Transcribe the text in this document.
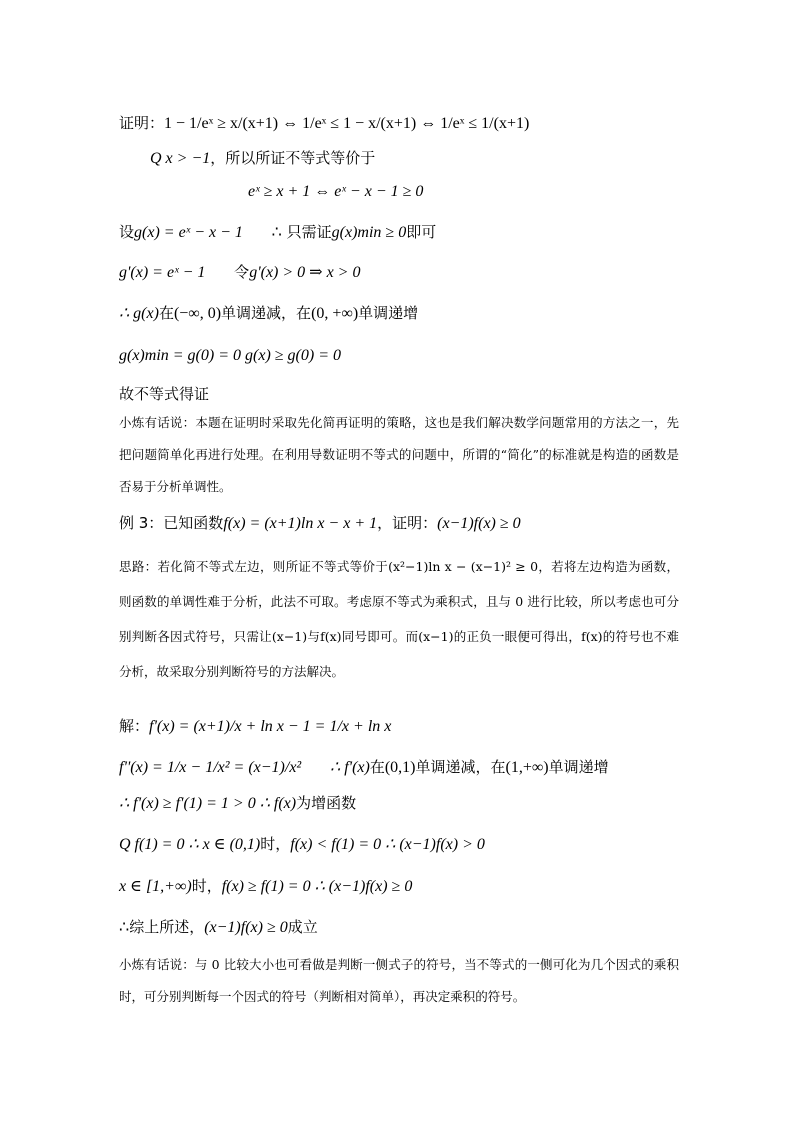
证明：1 − 1/eˣ ≥ x/(x+1) ⇔ 1/eˣ ≤ 1 − x/(x+1) ⇔ 1/eˣ ≤ 1/(x+1)
Q x > −1，所以所证不等式等价于
eˣ ≥ x + 1 ⇔ eˣ − x − 1 ≥ 0
设g(x) = eˣ − x − 1 ∴ 只需证g(x)min ≥ 0即可
g'(x) = eˣ − 1 令g'(x) > 0 ⇒ x > 0
∴ g(x)在(−∞, 0)单调递减，在(0, +∞)单调递增
g(x)min = g(0) = 0 g(x) ≥ g(0) = 0
故不等式得证
小炼有话说：本题在证明时采取先化简再证明的策略，这也是我们解决数学问题常用的方法之一，先把问题简单化再进行处理。在利用导数证明不等式的问题中，所谓的“简化”的标准就是构造的函数是否易于分析单调性。
例 3：已知函数f(x) = (x+1)ln x − x + 1，证明：(x−1)f(x) ≥ 0
思路：若化简不等式左边，则所证不等式等价于(x²−1)ln x − (x−1)² ≥ 0，若将左边构造为函数，则函数的单调性难于分析，此法不可取。考虑原不等式为乘积式，且与 0 进行比较，所以考虑也可分别判断各因式符号，只需让(x−1)与f(x)同号即可。而(x−1)的正负一眼便可得出，f(x)的符号也不难分析，故采取分别判断符号的方法解决。
解：f'(x) = (x+1)/x + ln x − 1 = 1/x + ln x
f''(x) = 1/x − 1/x² = (x−1)/x² ∴ f'(x)在(0,1)单调递减，在(1,+∞)单调递增
∴ f'(x) ≥ f'(1) = 1 > 0 ∴ f(x)为增函数
Q f(1) = 0 ∴ x ∈ (0,1)时，f(x) < f(1) = 0 ∴ (x−1)f(x) > 0
x ∈ [1,+∞)时，f(x) ≥ f(1) = 0 ∴ (x−1)f(x) ≥ 0
∴综上所述，(x−1)f(x) ≥ 0成立
小炼有话说：与 0 比较大小也可看做是判断一侧式子的符号，当不等式的一侧可化为几个因式的乘积时，可分别判断每一个因式的符号（判断相对简单），再决定乘积的符号。
